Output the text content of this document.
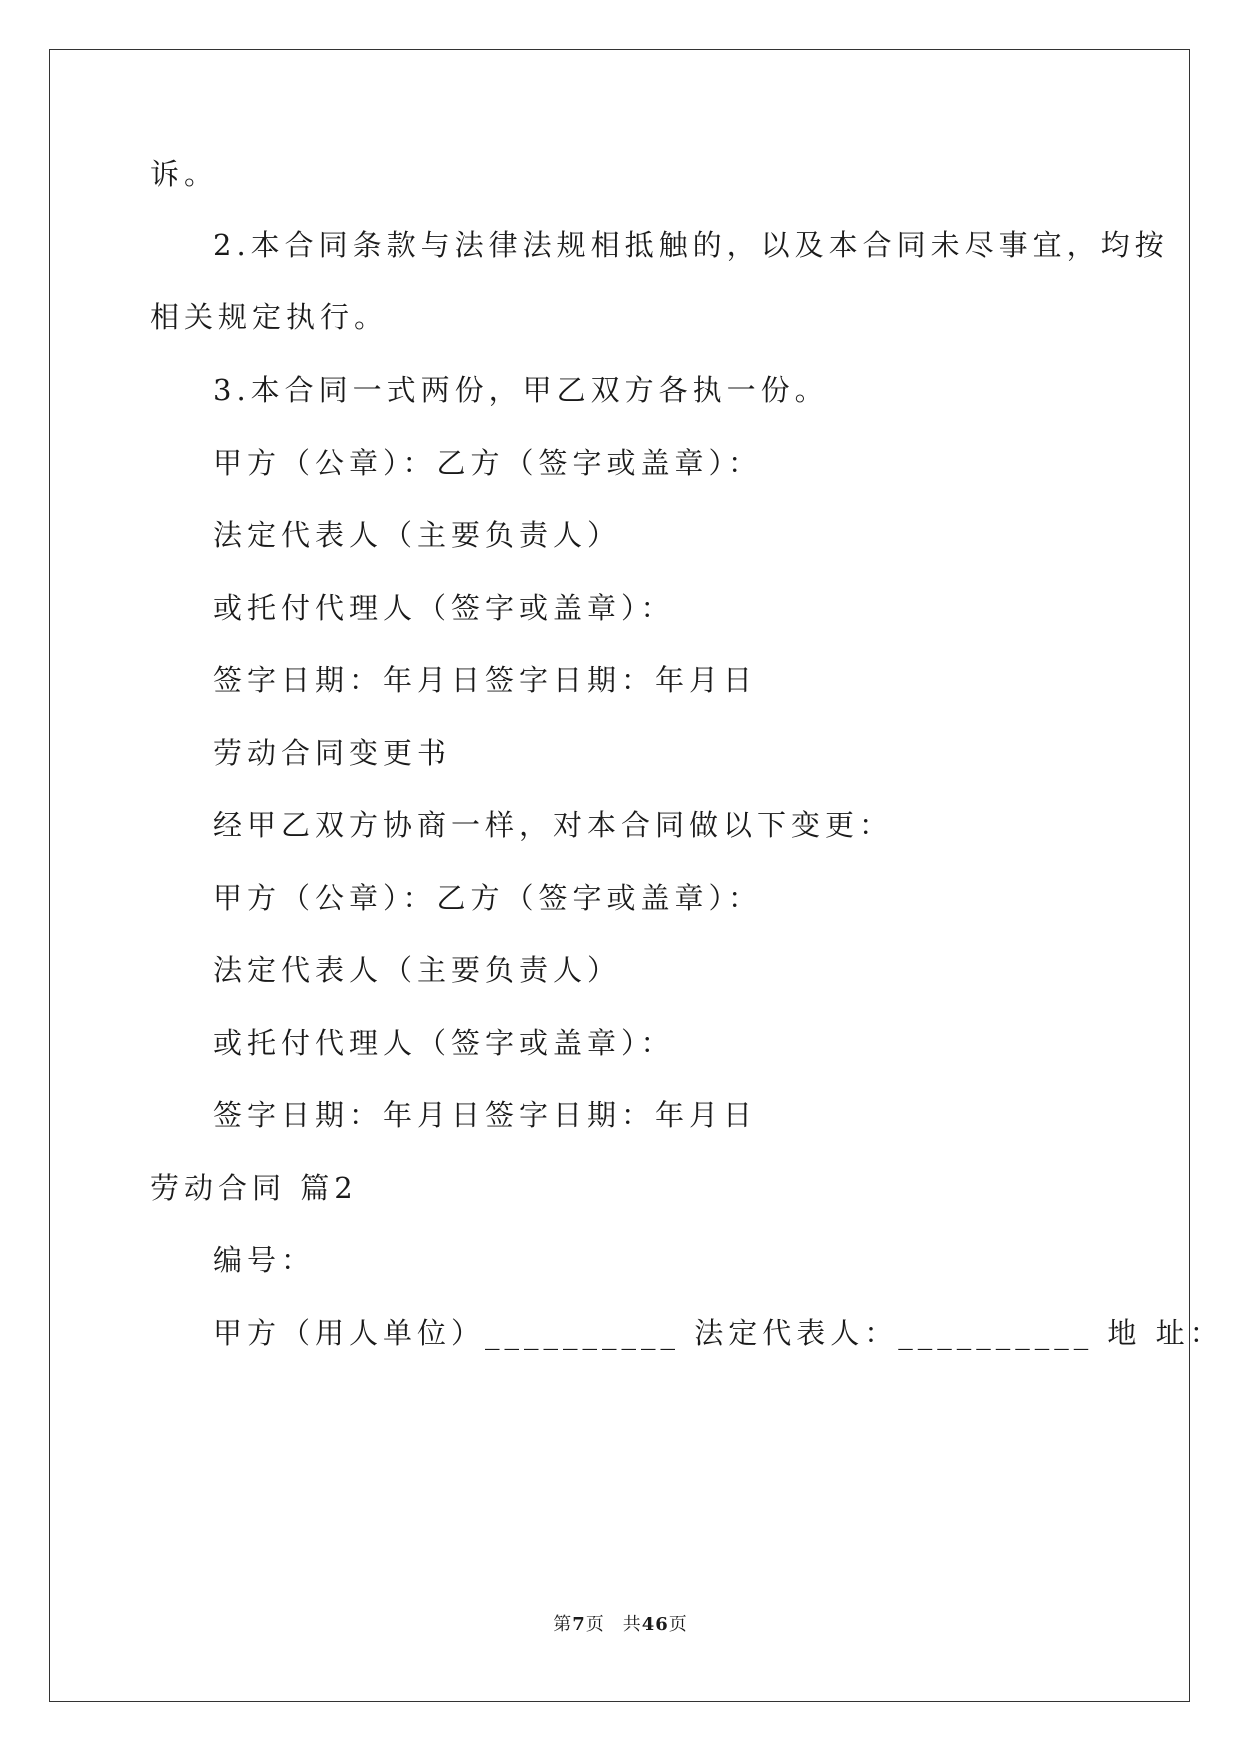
诉。
2.本合同条款与法律法规相抵触的，以及本合同未尽事宜，均按
相关规定执行。
3.本合同一式两份，甲乙双方各执一份。
甲方（公章）：乙方（签字或盖章）：
法定代表人（主要负责人）
或托付代理人（签字或盖章）：
签字日期：年月日签字日期：年月日
劳动合同变更书
经甲乙双方协商一样，对本合同做以下变更：
甲方（公章）：乙方（签字或盖章）：
法定代表人（主要负责人）
或托付代理人（签字或盖章）：
签字日期：年月日签字日期：年月日
劳动合同 篇2
编号：
甲方（用人单位）__________ 法定代表人：__________ 地 址：
第7页 共46页
